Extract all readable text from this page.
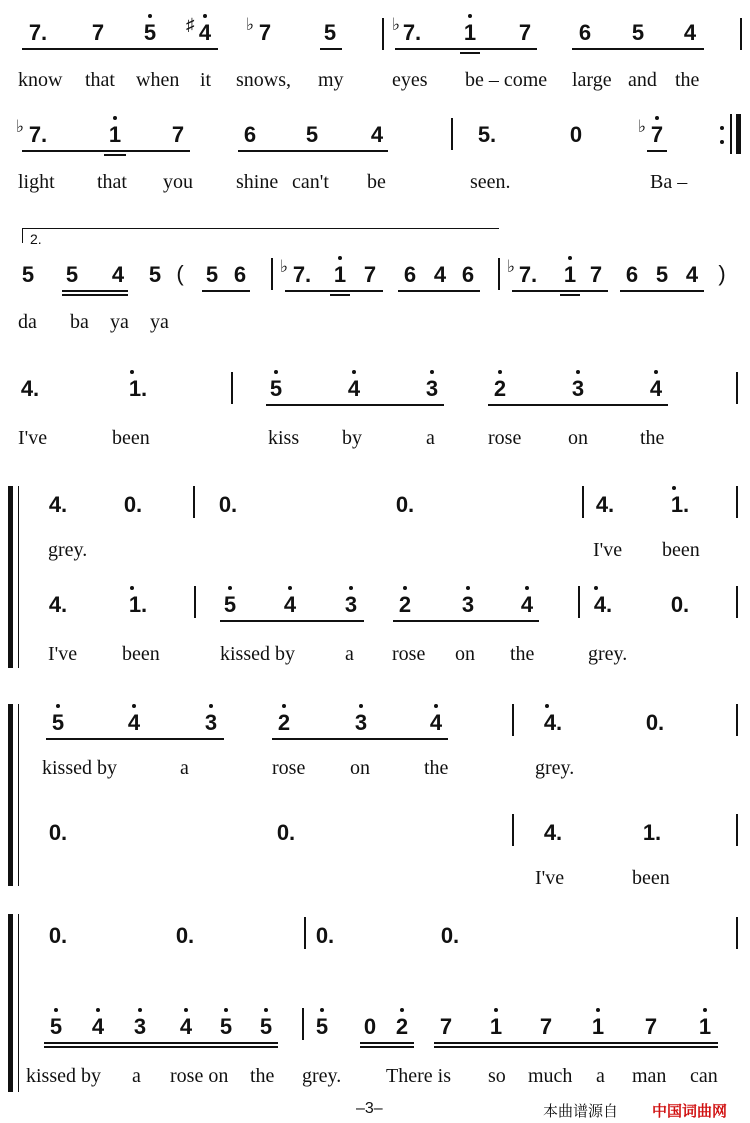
7. 7 5 ♯ 4 ♭ 7 5	♭ 7. 1 7 6 5 4
know that when it snows, my eyes be – come large and the
♭ 7.	1 7	6 5 4	5.	0	♭ 7
light that you shine can't be	seen.	Ba –
2.
5 5 4 5 ( 5 6 ♭ 7. 1 7 6 4 6 ♭ 7. 1 7 6 5 4 )
da ba ya ya
4.	1.	5	4	3	2	3	4
I've	been	kiss by	a	rose on	the
4.	0.	0.	0.	4.	1.
grey.	I've been
4.	1.	5 4 3 2 3 4	4.	0.
I've been	kissed by	a rose on the	grey.
5	4	3	2	3	4	4.	0.
kissed by	a	rose on	the	grey.
0.	0.	4.	1.
I've	been
0.	0.	0.	0.
5 4 3 4 5 5 5 0 2 7 1 7 1 7 1
kissed by a rose on the grey. There is so much a man can
–3–	本曲谱源自 中国词曲网
